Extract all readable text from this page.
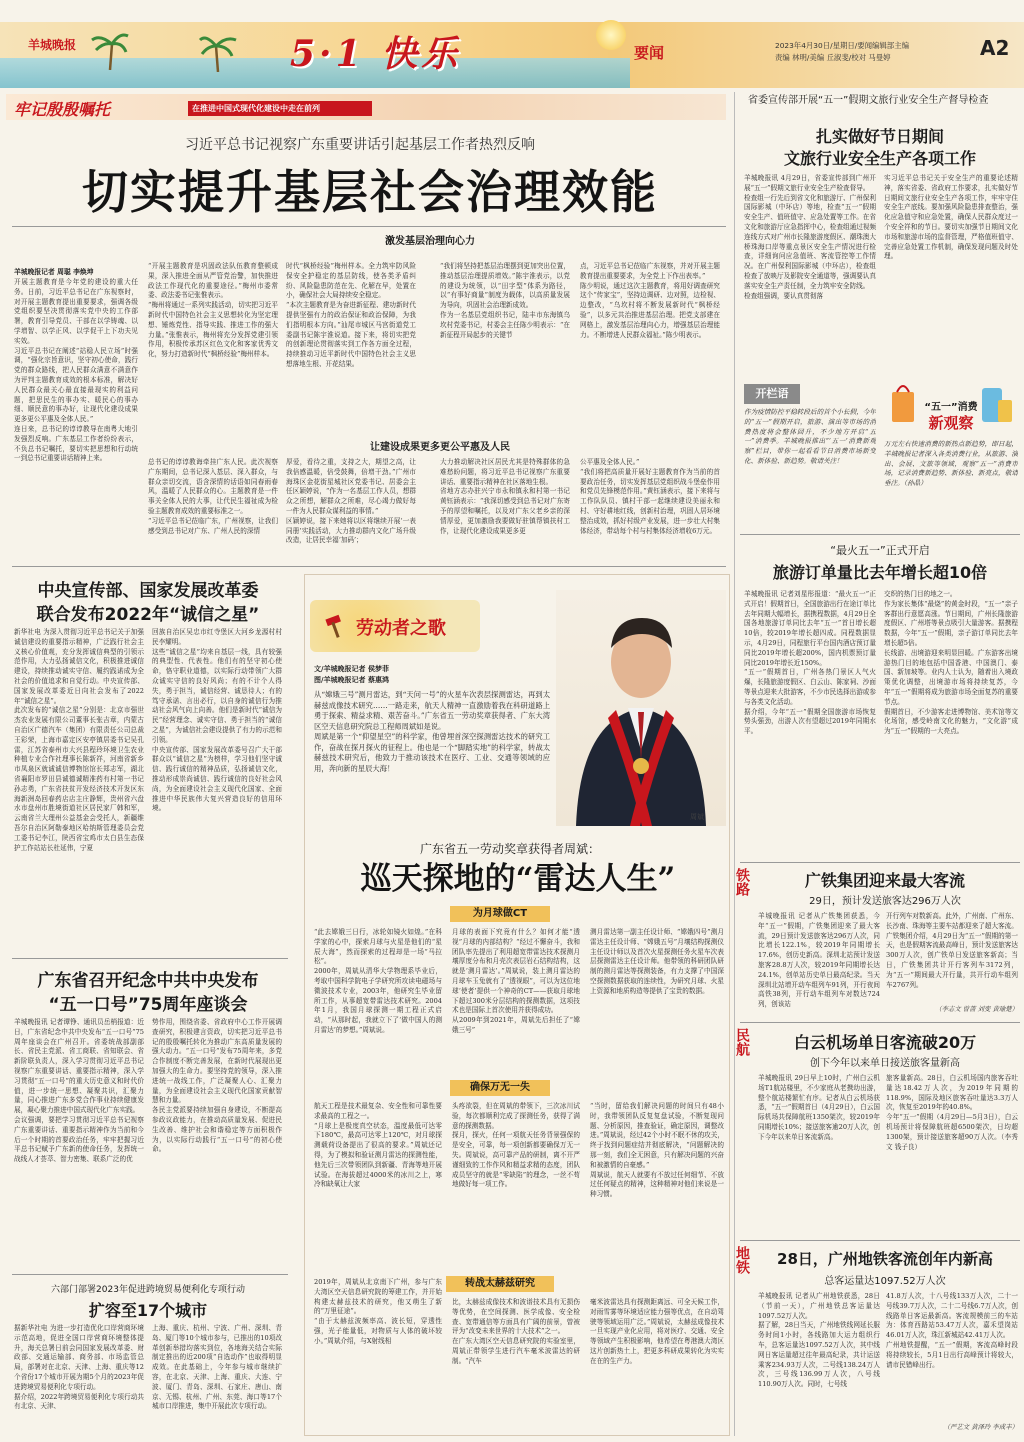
羊城晚报	5·1 快乐	要闻	2023年4月30日/星期日/要闻编辑部主编
责编 林明/美编 丘淑斐/校对 马曼婷	A2
牢记殷殷嘱托	在推进中国式现代化建设中走在前列
习近平总书记视察广东重要讲话引起基层工作者热烈反响
切实提升基层社会治理效能
激发基层治理向心力
羊城晚报记者 周聪 李焕坤
开展主题教育是今年党的建设的重大任务。日前，习近平总书记在广东视察时，对开展主题教育提出重要要求，强调各级党组织要坚决贯彻落实党中央的工作部署，教育引导党员、干部在以学铸魂、以学增智、以学正风、以学促干上下功夫见实效。
习近平总书记在阐述“站稳人民立场”时强调，“强化宗旨意识，坚守初心使命，践行党的群众路线，把人民群众满意不满意作为评判主题教育成效的根本标准，解决好人民群众最关心最直接最现实的利益问题，把思民生的事办实、暖民心的事办细、顺民意的事办好，让现代化建设成果更多更公平惠及全体人民。”
连日来，总书记的谆谆教导在南粤大地引发强烈反响。广东基层工作者纷纷表示，不负总书记嘱托，要切实把思想和行动统一到总书记重要讲话精神上来。
“开展主题教育是巩固政法队伍教育整顿成果，深入推进全面从严管党治警，加快推进政法工作现代化的重要途径。”梅州市委常委、政法委书记张惟表示。
“梅州将通过一系列实践活动，切实把习近平新时代中国特色社会主义思想转化为坚定理想、锤炼党性、指导实践、推进工作的强大力量。”张惟表示，梅州将充分发挥党建引领作用，积极传承苏区红色文化和客家优秀文化，努力打造新时代“枫桥经验”梅州样本。
时代“枫桥经验”梅州样本。全力筑牢防风险保安全护稳定的基层防线，使各类矛盾纠纷、风险隐患防范在先、化解在早，处置在小，确保社会大局持续安全稳定。
“本次主题教育是为奋进新征程、建功新时代提供坚强有力的政治保证和政治保障，为我们指明根本方向。”汕尾市城区马宫街道党工委副书记陈宇淮说道。接下来，将切实把党的创新理论贯彻落实到工作各方面全过程，持续推动习近平新时代中国特色社会主义思想落地生根、开花结果。
“我们将坚持把基层治理摆到更加突出位置，推动基层治理提质增效。”陈宇淮表示，以党的建设为统领，以“田字型”体系为路径，以“有事好商量”制度为载体，以高质量发展为导向，巩固社会治理新成效。
作为一名基层党组织书记，陆丰市东海镇乌坎村党委书记，村委会主任陈少明表示：“在新征程开局起步的关键节
点，习近平总书记莅临广东视察，并对开展主题教育提出重要要求，为全党上下作出表率。”
陈少明说，通过这次主题教育，将用好调查研究这个“传家宝”，坚持边调研、边对照，边检视、边整改，“乌坎村将不断发展新时代“枫桥经验”，以多元共治推进基层治理。把党支部建在网格上，激发基层治理向心力，增强基层治理能力。不断增进人民群众福祉。”陈少明表示。
让建设成果更多更公平惠及人民
总书记的谆谆教诲牵挂广东人民。此次视察广东期间，总书记深入基层、深入群众，与群众亲切交流，语含深情的话语如同春雨春风，温暖了人民群众的心。主题教育是一件事关全体人民的大事，让代民生福祉成为检验主题教育成效的重要标准之一。
“习近平总书记莅临广东，广州视察，让我们感受到总书记对广东、广州人民的深情
厚爱，看待之重，支持之大，期望之高，让我倍感温暖，倍受鼓舞，倍增干劲。”广州市海珠区金花街星城社区党委书记、居委会主任区颖婷说，“作为一名基层工作人员，想群众之所想，解群众之所难，尽心竭力做好每一件为人民群众谋利益的事情。”
区颖婷说，接下来她将以区将继续开展‘一表同册’实践活动，大力推动群内文化广场升级改造，让居民幸福‘加码’；
大力推动解决社区居民尤其是特殊群体的急难愁盼问题，将习近平总书记视察广东重要讲话、重要指示精神在社区落地生根。
省地方志办驻兴宁市永和镇永和村第一书记黄钰涵表示：“我深切感受到总书记对广东寄予的厚望和嘱托，以及对广东父老乡亲的深情厚爱，更加激励我要做好驻镇帮镇扶村工作，让现代化建设成果更多更
公平惠及全体人民。”
“我们将把高质量开展好主题教育作为当前的首要政治任务，切实发挥基层党组织战斗堡垒作用和党员先锋模范作用。”黄钰涵表示，接下来将与工作队队员、镇村干部一起继续建设美丽永和村、守好耕地红线，创新村治理，巩固人居环境整治成效，抓好村级产业发展，进一步壮大村集体经济，带动每个村与村集体经济增收6万元。
中央宣传部、国家发展改革委
联合发布2022年“诚信之星”
新华社电 为深入贯彻习近平总书记关于加强诚信建设的重要指示精神，广泛践行社会主义核心价值观，充分发挥诚信典型的引领示范作用，大力弘扬诚信文化，积极推进诚信建设，持续推动诚实守信、履约践诺成为全社会的价值追求和自觉行动。中央宣传部、国家发展改革委近日向社会发布了2022年“诚信之星”。
此次发布的“诚信之星”分别是：北京市强世杰农业发展有限公司董事长张吉章，内蒙古自治区广德汽车（集团）有限责任公司总裁王彩荣，上海市嘉定区安亭镇居委书记吴孔雷，江苏省泰州市大兴县程玲环境卫生农业种植专业合作社理事长陈新祥，河南省新乡市凤泉区就诚诚信博物馆馆长郑志军，湖北省襄阳市罗田县诚德诚精准药有村第一书记孙志勇，广东省扶贫开发经济技术开发区东海新洲岛回春药店店主庄静辉，贵州省六盘水市盘州市胜境街道社区居民家厂韩和军，云南省兰大理州公益基金会受托人，新疆维吾尔自治区阿勒泰地区哈纳斯管理委员会党工委书记李江，陕西省宝鸡市太白县生态保护工作站站长杜延伟，宁夏
回族自治区吴忠市红寺堡区大河乡龙源村村民李耀明。
这些“诚信之星”均来自基层一线，具有较强的典型性、代表性。他们有的坚守初心使命，恪守职业道德，以实际行动带领广大群众诚实守信的良好风尚；有的不计个人得失，勇于担当，诚信经营、诚恳待人；有的笃守承诺、言出必行，以自身的诚信行为推动社会风气向上向善。他们是新时代“诚信为民”经营理念、诚实守信、勇于担当的“诚信之星”，为诚信社会建设提供了有力的示范和引领。
中央宣传部、国家发展改革委号召广大干部群众以“诚信之星”为榜样，学习他们坚守诚信、践行诚信的精神品质，弘扬诚信文化，推动形成崇尚诚信、践行诚信的良好社会风尚，为全面建设社会主义现代化国家、全面推进中华民族伟大复兴营造良好的信用环境。
广东省召开纪念中共中央发布
“五一口号”75周年座谈会
羊城晚报讯 记者谭铮、通讯员岳梢报道：近日，广东省纪念中共中央发布“五一口号”75周年座谈会在广州召开。省委统战部副部长、省民主党派、省工商联、省知联会、省新阶联负责人，深入学习贯彻习近平总书记视察广东重要讲话、重要指示精神，深入学习贯彻“五一口号”的重大历史意义和时代价值，进一步统一思想、凝聚共识，汇聚力量，同心推进广东多党合作事业持续健康发展，凝心聚力推进中国式现代化广东实践。
会议强调，要把学习贯彻习近平总书记视察广东重要讲话、重要指示精神作为当前和今后一个时期的首要政治任务，牢牢把握习近平总书记赋予广东新的使命任务，发挥统一战线人才荟萃、智力密集、联系广泛的优
势作用，围绕省委、省政府中心工作开展调查研究，积极建言资政，切实把习近平总书记的殷殷嘱托转化为推动广东高质量发展的强大动力。“五一口号”发布75周年来，多党合作制度不断完善发展，在新时代展现出更加强大的生命力。要坚持党的领导，深入推进统一战线工作，广泛凝聚人心、汇聚力量，为全面建设社会主义现代化国家贡献智慧和力量。
各民主党派要持续加强自身建设，不断提高参政议政能力，在推动高质量发展、促进民生改善、维护社会和谐稳定等方面积极作为，以实际行动践行“五一口号”的初心使命。
六部门部署2023年促进跨境贸易便利化专项行动
扩容至17个城市
据新华社电 为进一步打造优化口岸营商环境示范高地，促进全国口岸营商环境整体提升，海关总署日前会同国家发展改革委、财政部、交通运输部、商务部、市场监管总局，部署对在北京、天津、上海、重庆等12个省份17个城市开展为期5个月的2023年促进跨境贸易便利化专项行动。
据介绍，2022年跨境贸易便利化专项行动共有北京、天津、
上海、重庆、杭州、宁波、广州、深圳、青岛、厦门等10个城市参与，已推出的10项改革创新举措均落实到位，各地海关结合实际制定推出的近200项“自选动作”也取得明显成效。在此基础上，今年参与城市继续扩容，在北京、天津、上海、重庆、大连、宁波、厦门、青岛、深圳、石家庄、唐山、南京、无锡、杭州、广州、东莞、海口等17个城市口岸推进，集中开展此次专项行动。
劳动者之歌
文/羊城晚报记者 侯梦菲
图/羊城晚报记者 蔡惠鸿
从“嫦娥三号”测月雷达，到“天问一号”的火星车次表层探测雷达，再到太赫兹成像技术研究……一路走来，航天人精神一直激励着我在科研道路上勇于探索、精益求精、艰苦奋斗。”广东省五一劳动奖章获得者、广东大湾区空天信息研究院总工程师周斌如是说。
周斌是第一个“仰望星空”的科学家，他曾埋首深空探测雷达技术的研究工作，奋战在探月探火的征程上。他也是一个“脚踏实地”的科学家，转战太赫兹技术研究后，他致力于推动该技术在医疗、工业、交通等领域的应用，奔向新的星辰大海！
周斌
广东省五一劳动奖章获得者周斌：
巡天探地的“雷达人生”
为月球做CT
“此去嫦娥三日行，冰轮如镜火如煌。”在科学家的心中，探索月球与火星是他们的“星辰大海”，然而探索的过程却是一场“马拉松”。
2000年，周斌从清华大学物理系毕业后，考取中国科学院电子学研究所攻读电磁场与微波技术专业，2003年，他研究生毕业留所工作，从事超宽带雷达技术研究。2004年1月，我国月球探测一期工程正式启动，“从那时起，我就立下了‘做中国人的测月雷达’的梦想。”周斌说。
月球的表面下究竟有什么？如何才能“透视”月球的内部结构？“经过不懈奋斗，我和团队率先提出了利用超宽带雷达技术探测月壤厚度分布和月壳次表层岩石结构结构，这就是‘测月雷达’。”周斌说，装上测月雷达的月球车玉兔就有了“透视眼”，可以为这位地球‘使者’提供一个神奇的CT——获取月球地下超过300米分层结构的探测数据，这项技术也是国际上首次使用并获得成功。
从2009年到2021年，周斌先后担任了“嫦娥三号”
测月雷达第一副主任设计师、“嫦娥四号”测月雷达主任设计师、“嫦娥五号”月壤结构探测仪主任设计师以及首次火星探测任务火星车次表层探测雷达主任设计师。他带领的科研团队研制的测月雷达等探测装备，有力支撑了中国深空探测数据获取的连续性，为研究月球、火星上资源和地质构造等提供了宝贵的数据。
确保万无一失
航天工程是技术最复杂、安全性和可靠性要求最高的工程之一。
“月球上是极度真空状态，温度最低可达零下180℃，最高可达零上120℃，对月球探测载荷设备提出了很高的要求。”周斌还记得，为了模拟和验证测月雷达的探测性能，他先后三次带领团队到新疆、青海等地开展试验。在海拔超过4000米的冰川之上，寒冷和缺氧让大家
头疼欲裂，但在周斌的带领下，三次冰川试验，每次都顺利完成了探测任务，获得了满意的探测数据。
探月，探火，任何一项航天任务背景强保的是安全，可靠，每一项创新都要确保万无一失。周斌说，高可靠产品的研制，离不开严谨细致的工作作风和精益求精的态度，团队成员坚守的就是“零缺陷”的理念，一丝不苟地做好每一项工作。
“当时，留给我们解决问题的时间只有48小时，我带领团队反复复盘试验，不断复现问题、分析原因，推查验证，确定原因，调整改进。”周斌说，经过42个小时不眠不休的攻关，终于找到问题症结并彻底解决，“问题解决的那一刻，我们全无困意，只有解决问题的兴奋和被激情的自豪感。”
周斌说，航天人就要有不放过任何细节、不放过任何疑点的精神，这种精神对他们来说是一种习惯。
2019年，周斌从北京南下广州，参与广东大湾区空天信息研究院的筹建工作，并开始构建太赫兹技术的研究，他又萌生了新的“万里征途”。
“由于太赫兹波频率高、波长短，穿透性强，光子能量低，对物质与人体的破坏较小。”周斌介绍，与X射线相
转战太赫兹研究
比，太赫兹成像技术和波谱技术具有无损伤等优势，在空间探测、医学成像、安全检查、宽带通信等方面具有广阔的前景，曾被评为“改变未来世界的十大技术”之一。
在广东大湾区空天信息研究院的实验室里，周斌正带领学生进行汽车毫米波雷达的研制。“汽车
毫米波雷达具有探测距离远、可全天候工作，对雨雪雾等环境适应能力强等优点，在自动驾驶等领域运用广泛。”周斌说，太赫兹成像技术一旦实现产业化应用，将对医疗、交通、安全等领域产生积极影响，他希望在粤港澳大湾区这片创新热土上，把更多科研成果转化为实实在在的生产力。
省委宣传部开展“五一”假期文旅行业安全生产督导检查
扎实做好节日期间
文旅行业安全生产各项工作
羊城晚报讯 4月29日，省委宣传部到广州开展“五一”假期文旅行业安全生产检查督导。
检查组一行先后到省文化和旅游厅、广州保利国际影城（中环店）等地，检查“五一”假期安全生产、值班值守、应急处置等工作。在省文化和旅游厅应急指挥中心，检查组通过视频连线方式对广州市长隆旅游度假区、潮珠澳大桥珠海口岸等重点景区安全生产情况进行检查，详细询问应急值班、客流管控等工作情况。在广州保利国际影城（中环店），检查组检查了放映厅及影院安全通道等，强调要认真落实安全生产责任制，全力筑牢安全防线。
检查组强调，要认真贯彻落
实习近平总书记关于安全生产的重要论述精神，落实省委、省政府工作要求，扎实做好节日期间文旅行业安全生产各项工作，牢牢守住安全生产底线。要加强风险隐患排查整治，强化应急值守和应急处置，确保人民群众度过一个安全祥和的节日。要切实加强节日期间文化市场和旅游市场的监督管理，严格值班值守、完善应急处置工作机制，确保发现问题及时处理。
开栏语
作为疫情防控平稳转段后的首个小长假，今年的“五一”假期开启，旅游、演出等市场的消费热度将会整体回升，不少地方开启“五一”消费季。羊城晚报推出“‘五一’消费新观察”栏目，带你一起看看节日消费市场新变化、新体验、新趋势。敬请关注！
“五一”消费
新观察
万元左右快速消费的新热点新趋势，即日起，羊城晚报记者深入各类消费行业，从旅游、演出、会展、文旅等领域，观察“五一”消费市场，记录消费新趋势、新体验、新亮点，敬请垂注。（孙晶）
“最火五一”正式开启
旅游订单量比去年增长超10倍
羊城晚报讯 记者刘星彤报道：“最火五一”正式开启！假期首日，全国旅游出行在途订单比去年同期大幅增长，据携程数据，4月29日全国各地旅游订单同比去年“五一”首日增长超10倍，较2019年增长超四成。同程数据显示，4月29日，同程旅行平台国内酒店预订量同比2019年增长超200%，国内机票预订量同比2019年增长近150%。
“五一”假期首日，广州各热门景区人气火爆，长隆旅游度假区、白云山、陈家祠、沙面等景点迎来大批游客，不少市民选择出游或参与各类文化活动。
据介绍，今年“五一”假期全国旅游市场恢复势头强劲，出游人次有望超过2019年同期水平。
交织的热门目的地之一。
作为家长集体“最烧”的黄金时段，“五一”亲子客群出行意愿高涨。节日期间，广州长隆旅游度假区、广州塔等景点吸引大量游客。据携程数据，今年“五一”假期，亲子游订单同比去年增长超5倍。
长线游、出境游迎来明显回暖。广东游客出境游热门目的地包括中国香港、中国澳门、泰国、新加坡等。业内人士认为，随着出入境政策优化调整，出境游市场将持续复苏，今年“五一”假期将成为旅游市场全面复苏的重要节点。
假期首日，不少游客走进博物馆、美术馆等文化场馆，感受岭南文化的魅力，“文化游”成为“五一”假期的一大亮点。
铁路	广铁集团迎来最大客流
29日，预计发送旅客达296万人次
羊城晚报讯 记者从广铁集团获悉，今年“五一”假期，广铁集团迎来了最大客流，29日预计发送旅客达296万人次，同比增长122.1%，较2019年同期增长17.6%，创历史新高。深圳北站预计发送旅客28.8万人次，较2019年同期增长达24.1%，创单站历史单日最高纪录。当天深圳北站增开动车组列车91列，开行夜间高铁38列，开行动车组列车对数达724列，创该站
开行列车对数新高。此外，广州南、广州东、长沙南、珠海等主要车站都迎来了超大客流。
广铁集团介绍，4月29日为“五一”假期的第一天，也是假期客流最高峰日，预计发送旅客达300万人次，创广铁单日发送旅客新高；当日，广铁集团共计开行客列车3172列，为“五一”期间最大开行量，共开行动车组列车2767列。
（李志文 曾蔷 刘变 黄瑜楚）
民航	白云机场单日客流破20万
创下今年以来单日接送旅客量新高
羊城晚报讯 29日早上10时，广州白云机场T1航站楼里，不少家庭从老携幼出游，整个航站楼繁忙有序。记者从白云机场获悉，“五一”假期首日（4月29日），白云国际机场共保障航班1350架次，较2019年同期增长10%；接送旅客逾20万人次，创下今年以来单日客流新高。
旅客量新高。28日，白云机场国内旅客吞吐量达18.42万人次，为2019年同期的118.9%，国际及地区旅客吞吐量达3.3万人次，恢复至2019年的40.8%。
今年“五一”假期（4月29日—5月3日），白云机场预计将保障航班超6500架次，日均超1300架，预计接送旅客超90万人次。（李秀文 钱子良）
地铁	28日，广州地铁客流创年内新高
总客运量达1097.52万人次
羊城晚报讯 记者从广州地铁获悉，28日（节前一天），广州地铁总客运量达1097.52万人次。
据了解，28日当天，广州地铁线网延长服务时间1小时，各线路加大运力组织行车，总客运量达1097.52万人次，其中线网日客运量超过往年最高纪录，共计运送乘客234.93万人次，二号线138.24万人次，三号线136.99万人次，八号线110.90万人次。同时，七号线
41.8万人次，十八号线133万人次，二十一号线39.7万人次，二十二号线6.7万人次，创线路单日客运最新高。客流规模前三的车站为：体育西路站53.47万人次，嘉禾望岗站46.01万人次，珠江新城站42.41万人次。
广州地铁提醒，“五一”假期，客流高峰时段将持续较长，5月1日出行高峰预计将较大，请市民错峰出行。
（严艺文 黄泽玲 李成丰）
